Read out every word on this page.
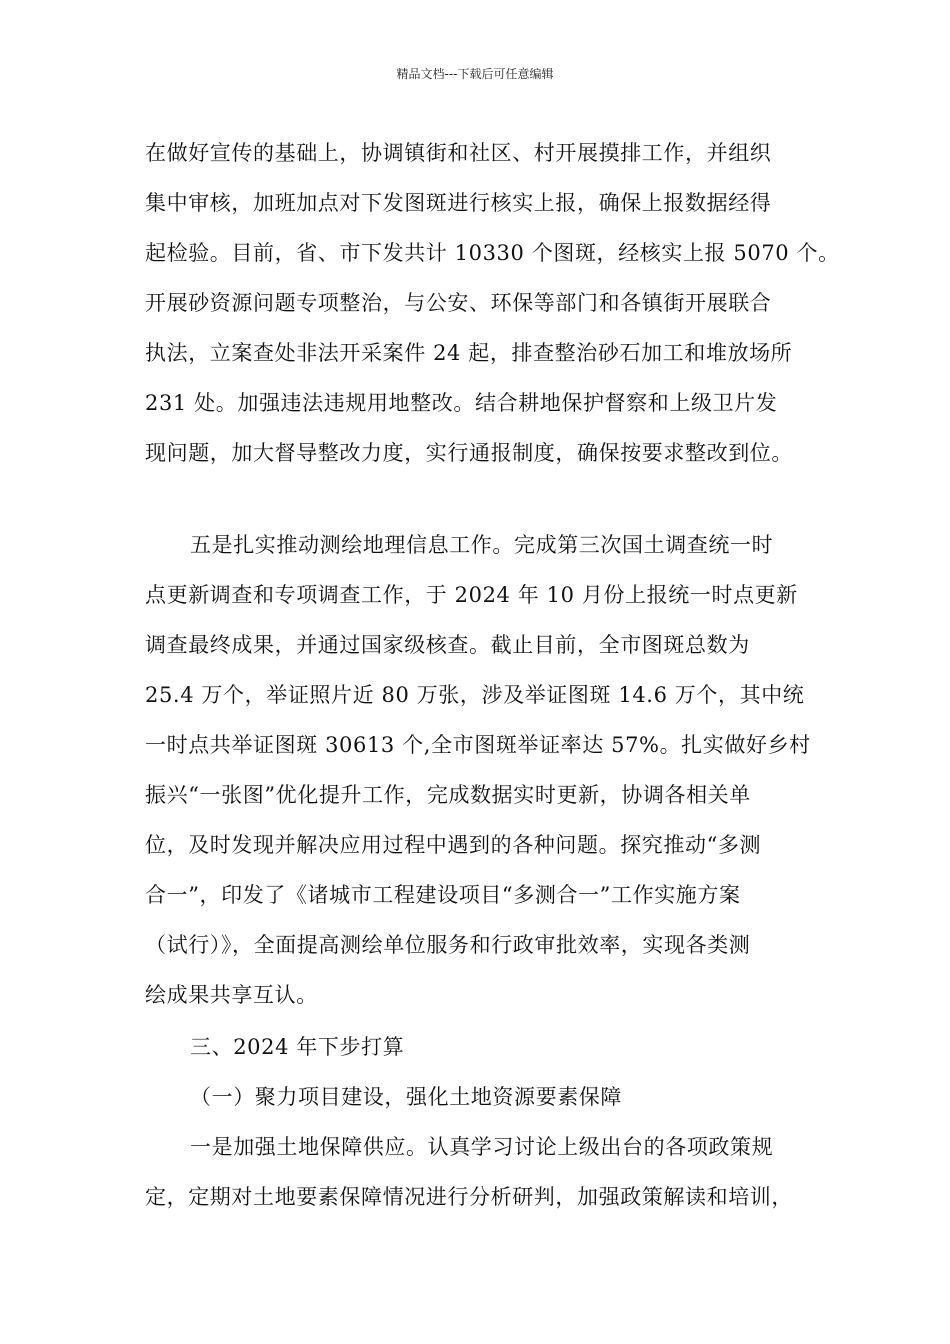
精品文档---下载后可任意编辑
在做好宣传的基础上，协调镇街和社区、村开展摸排工作，并组织
集中审核，加班加点对下发图斑进行核实上报，确保上报数据经得
起检验。目前，省、市下发共计 10330 个图斑，经核实上报 5070 个。
开展砂资源问题专项整治，与公安、环保等部门和各镇街开展联合
执法，立案查处非法开采案件 24 起，排查整治砂石加工和堆放场所
231 处。加强违法违规用地整改。结合耕地保护督察和上级卫片发
现问题，加大督导整改力度，实行通报制度，确保按要求整改到位。
五是扎实推动测绘地理信息工作。完成第三次国土调查统一时
点更新调查和专项调查工作，于 2024 年 10 月份上报统一时点更新
调查最终成果，并通过国家级核查。截止目前，全市图斑总数为
25.4 万个，举证照片近 80 万张，涉及举证图斑 14.6 万个，其中统
一时点共举证图斑 30613 个,全市图斑举证率达 57%。扎实做好乡村
振兴“一张图”优化提升工作，完成数据实时更新，协调各相关单
位，及时发现并解决应用过程中遇到的各种问题。探究推动“多测
合一”，印发了《诸城市工程建设项目“多测合一”工作实施方案
（试行）》，全面提高测绘单位服务和行政审批效率，实现各类测
绘成果共享互认。
三、2024 年下步打算
（一）聚力项目建设，强化土地资源要素保障
一是加强土地保障供应。认真学习讨论上级出台的各项政策规
定，定期对土地要素保障情况进行分析研判，加强政策解读和培训，
